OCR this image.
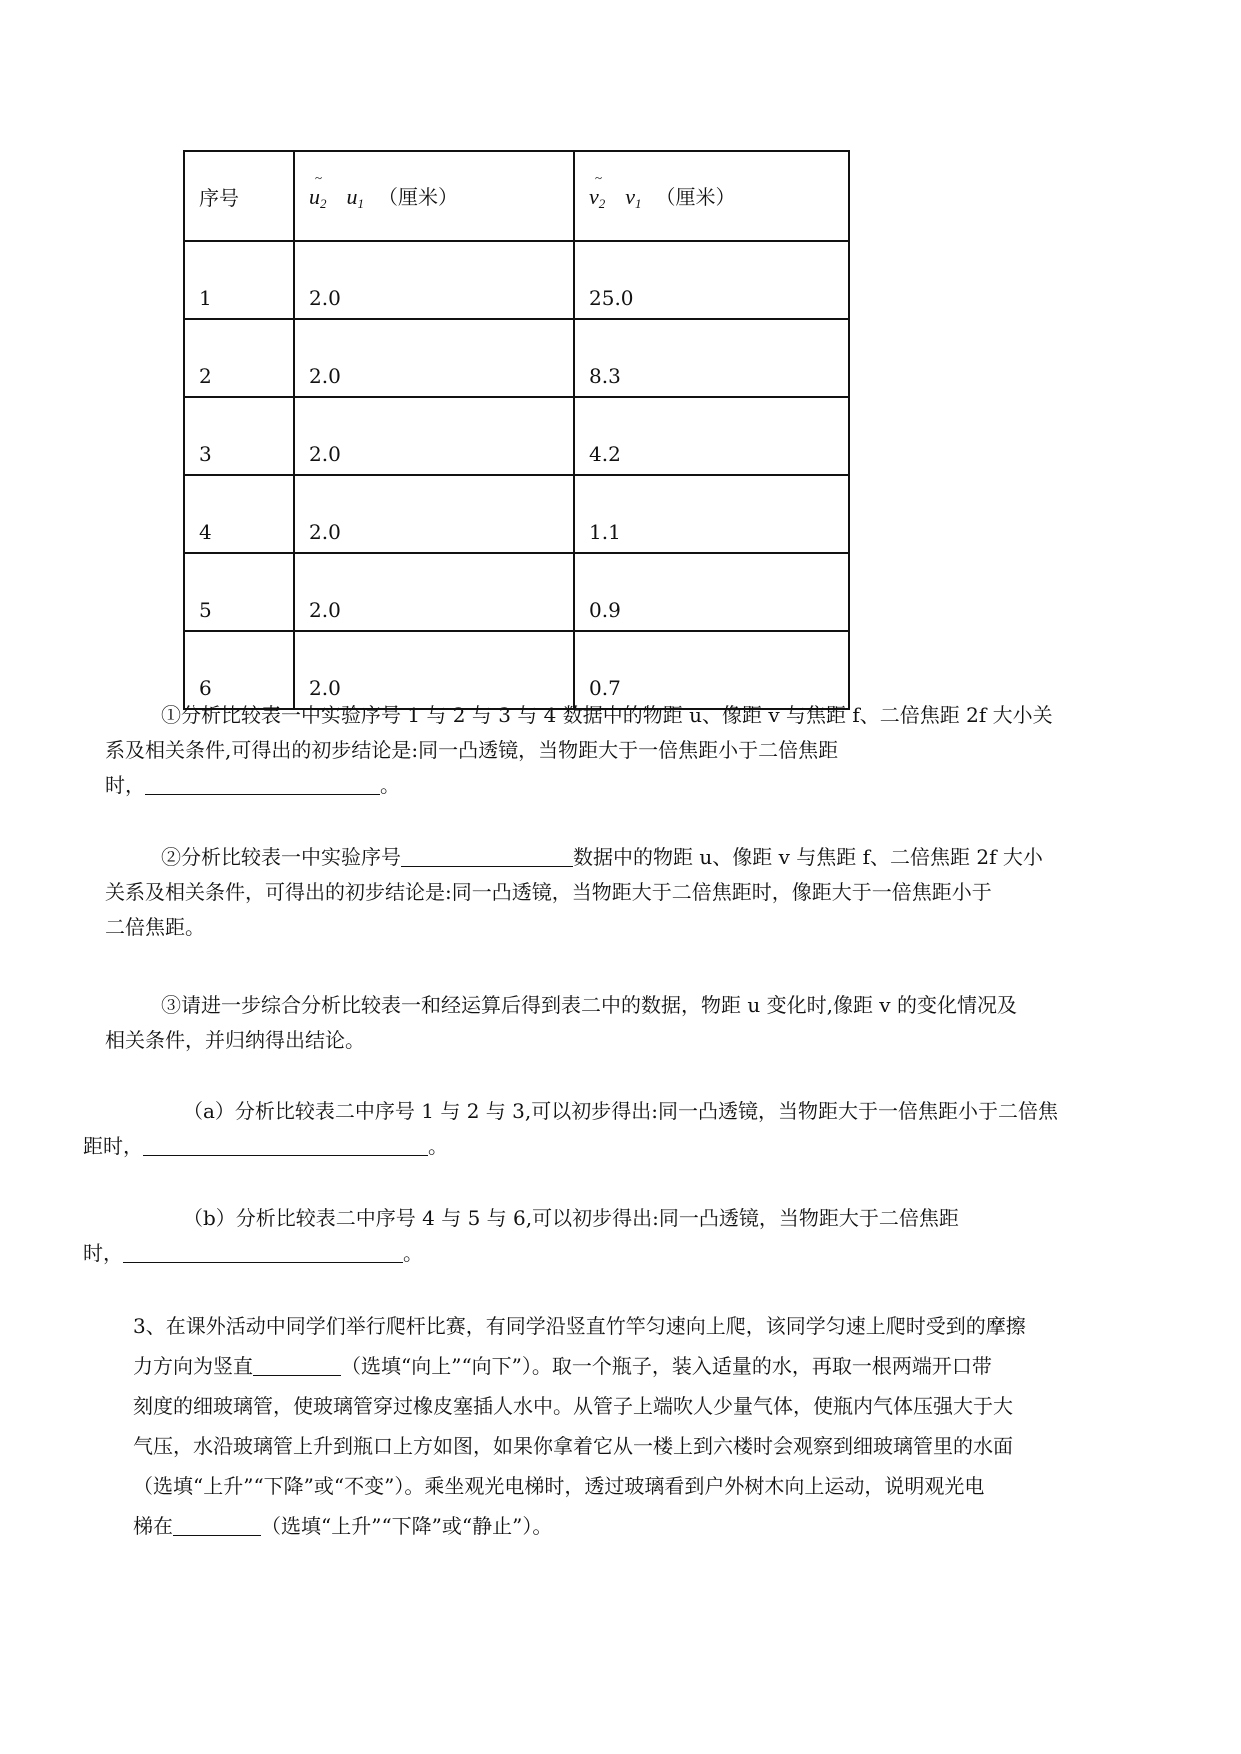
序号	~ $u_2$ $u_1$ （厘米）	~ $v_2$ $v_1$ （厘米）
1	2.0	25.0
2	2.0	8.3
3	2.0	4.2
4	2.0	1.1
5	2.0	0.9
6	2.0	0.7

①分析比较表一中实验序号 1 与 2 与 3 与 4 数据中的物距 u、像距 v 与焦距 f、二倍焦距 2f 大小关
系及相关条件,可得出的初步结论是:同一凸透镜，当物距大于一倍焦距小于二倍焦距
时，	。

②分析比较表一中实验序号	数据中的物距 u、像距 v 与焦距 f、二倍焦距 2f 大小
关系及相关条件，可得出的初步结论是:同一凸透镜，当物距大于二倍焦距时，像距大于一倍焦距小于
二倍焦距。

③请进一步综合分析比较表一和经运算后得到表二中的数据，物距 u 变化时,像距 v 的变化情况及
相关条件，并归纳得出结论。

（a）分析比较表二中序号 1 与 2 与 3,可以初步得出:同一凸透镜，当物距大于一倍焦距小于二倍焦
距时，	。

（b）分析比较表二中序号 4 与 5 与 6,可以初步得出:同一凸透镜，当物距大于二倍焦距
时，	。

3、在课外活动中同学们举行爬杆比赛，有同学沿竖直竹竿匀速向上爬，该同学匀速上爬时受到的摩擦
力方向为竖直	（选填“向上”“向下”）。取一个瓶子，装入适量的水，再取一根两端开口带
刻度的细玻璃管，使玻璃管穿过橡皮塞插人水中。从管子上端吹人少量气体，使瓶内气体压强大于大
气压，水沿玻璃管上升到瓶口上方如图，如果你拿着它从一楼上到六楼时会观察到细玻璃管里的水面
（选填“上升”“下降”或“不变”）。乘坐观光电梯时，透过玻璃看到户外树木向上运动，说明观光电
梯在	（选填“上升”“下降”或“静止”）。
